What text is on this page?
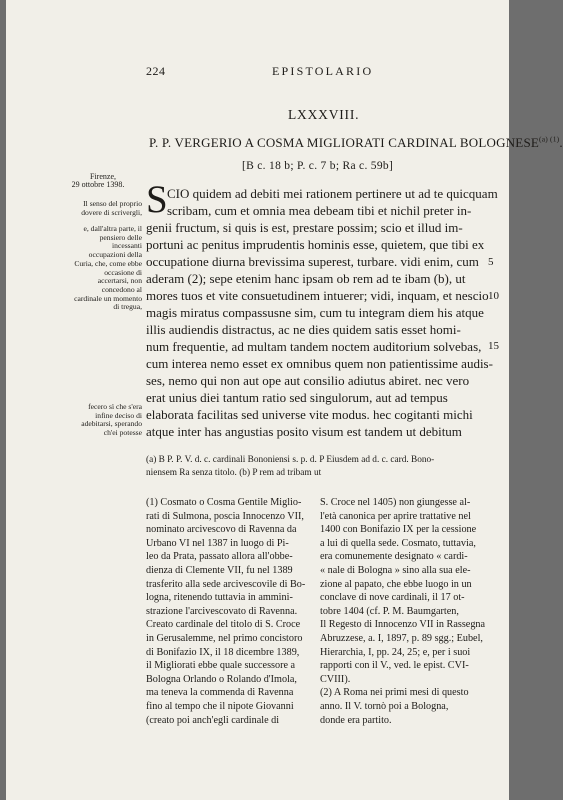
224	EPISTOLARIO
LXXXVIII.
P. P. VERGERIO A COSMA MIGLIORATI CARDINAL $BOLOGNESE^{(a) (1)}$.
[B c. 18 b; P. c. 7 b; Ra c. 59b]
Firenze,
29 ottobre 1398.
Il senso del proprio dovere di scrivergli,
e, dall'altra parte, il pensiero delle incessanti occupazioni della Curia, che, come ebbe occasione di accertarsi, non concedono al cardinale un momento di tregua,
fecero sì che s'era infine deciso di adebitarsi, sperando ch'ei potesse
S CIO quidem ad debiti mei rationem pertinere ut ad te quicquam
scribam, cum et omnia mea debeam tibi et nichil preter in-
genii fructum, si quis is est, prestare possim; scio et illud im-
portuni ac penitus imprudentis hominis esse, quietem, que tibi ex
occupatione diurna brevissima superest, turbare. vidi enim, cum
aderam (2); sepe etenim hanc ipsam ob rem ad te ibam (b), ut
mores tuos et vite consuetudinem intuerer; vidi, inquam, et nescio
magis miratus compassusne sim, cum tu integram diem his atque
illis audiendis distractus, ac ne dies quidem satis esset homi-
num frequentie, ad multam tandem noctem auditorium solvebas,
cum interea nemo esset ex omnibus quem non patientissime audis-
ses, nemo qui non aut ope aut consilio adiutus abiret. nec vero
erat unius diei tantum ratio sed singulorum, aut ad tempus
elaborata facilitas sed universe vite modus. hec cogitanti michi
atque inter has angustias posito visum est tandem ut debitum
5
10
15
(a) B P. P. V. d. c. cardinali Bononiensi s. p. d. P Eiusdem ad d. c. card. Bono-
niensem Ra senza titolo. (b) P rem ad tribam ut
(1) Cosmato o Cosma Gentile Miglio-
rati di Sulmona, poscia Innocenzo VII,
nominato arcivescovo di Ravenna da
Urbano VI nel 1387 in luogo di Pi-
leo da Prata, passato allora all'obbe-
dienza di Clemente VII, fu nel 1389
trasferito alla sede arcivescovile di Bo-
logna, ritenendo tuttavia in ammini-
strazione l'arcivescovato di Ravenna.
Creato cardinale del titolo di S. Croce
in Gerusalemme, nel primo concistoro
di Bonifazio IX, il 18 dicembre 1389,
il Migliorati ebbe quale successore a
Bologna Orlando o Rolando d'Imola,
ma teneva la commenda di Ravenna
fino al tempo che il nipote Giovanni
(creato poi anch'egli cardinale di
S. Croce nel 1405) non giungesse al-
l'età canonica per aprire trattative nel
1400 con Bonifazio IX per la cessione
a lui di quella sede. Cosmato, tuttavia,
era comunemente designato « cardi-
« nale di Bologna » sino alla sua ele-
zione al papato, che ebbe luogo in un
conclave di nove cardinali, il 17 ot-
tobre 1404 (cf. P. M. Baumgarten,
Il Regesto di Innocenzo VII in Rassegna
Abruzzese, a. I, 1897, p. 89 sgg.; Eubel,
Hierarchia, I, pp. 24, 25; e, per i suoi
rapporti con il V., ved. le epist. CVI-
CVIII).
(2) A Roma nei primi mesi di questo
anno. Il V. tornò poi a Bologna,
donde era partito.
